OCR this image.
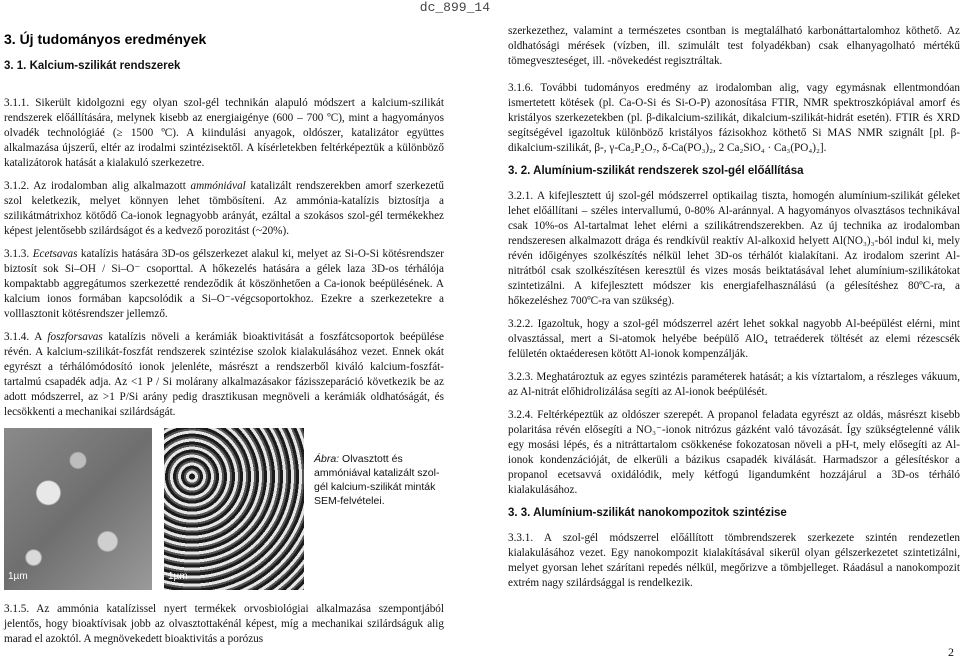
dc_899_14
3. Új tudományos eredmények
3. 1. Kalcium-szilikát rendszerek

3.1.1. Sikerült kidolgozni egy olyan szol-gél technikán alapuló módszert a kalcium-szilikát rendszerek előállítására, melynek kisebb az energiaigénye (600 – 700 ºC), mint a hagyományos olvadék technológiáé (≥ 1500 ºC). A kiindulási anyagok, oldószer, katalizátor együttes alkalmazása újszerű, eltér az irodalmi szintézisektől. A kísérletekben feltérképeztük a különböző katalizátorok hatását a kialakuló szerkezetre.

3.1.2. Az irodalomban alig alkalmazott ammóniával katalizált rendszerekben amorf szerkezetű szol keletkezik, melyet könnyen lehet tömbösíteni. Az ammónia-katalízis biztosítja a szilikátmátrixhoz kötődő Ca-ionok legnagyobb arányát, ezáltal a szokásos szol-gél termékekhez képest jelentősebb szilárdságot és a kedvező porozitást (~20%).

3.1.3. Ecetsavas katalízis hatására 3D-os gélszerkezet alakul ki, melyet az Si-O-Si kötésrendszer biztosít sok Si–OH / Si–O⁻ csoporttal. A hőkezelés hatására a gélek laza 3D-os térhálója kompaktabb aggregátumos szerkezetté rendeződik át köszönhetően a Ca-ionok beépülésének. A kalcium ionos formában kapcsolódik a Si–O⁻-végcsoportokhoz. Ezekre a szerkezetekre a volllasztonit kötésrendszer jellemző.

3.1.4. A foszforsavas katalízis növeli a kerámiák bioaktivitását a foszfátcsoportok beépülése révén. A kalcium-szilikát-foszfát rendszerek szintézise szolok kialakulásához vezet. Ennek okát egyrészt a térhálómódosító ionok jelenléte, másrészt a rendszerből kiváló kalcium-foszfát-tartalmú csapadék adja. Az <1 P / Si molárany alkalmazásakor fázisszeparáció következik be az adott módszerrel, az >1 P/Si arány pedig drasztikusan megnöveli a kerámiák oldhatóságát, és lecsökkenti a mechanikai szilárdságát.

1µm	1µm
Ábra: Olvasztott és ammóniával katalizált szol-gél kalcium-szilikát minták SEM-felvételei.

3.1.5. Az ammónia katalízissel nyert termékek orvosbiológiai alkalmazása szempontjából jelentős, hogy bioaktívisak jobb az olvasztottakénál képest, míg a mechanikai szilárdságuk alig marad el azoktól. A megnövekedett bioaktivitás a porózus

szerkezethez, valamint a természetes csontban is megtalálható karbonáttartalomhoz köthető. Az oldhatósági mérések (vízben, ill. szimulált test folyadékban) csak elhanyagolható mértékű tömegveszteséget, ill. -növekedést regisztráltak.

3.1.6. További tudományos eredmény az irodalomban alig, vagy egymásnak ellentmondóan ismertetett kötések (pl. Ca-O-Si és Si-O-P) azonosítása FTIR, NMR spektroszkópiával amorf és kristályos szerkezetekben (pl. β-dikalcium-szilikát, dikalcium-szilikát-hidrát esetén). FTIR és XRD segítségével igazoltuk különböző kristályos fázisokhoz köthető Si MAS NMR szignált [pl. β-dikalcium-szilikát, β-, γ-Ca₂P₂O₇, δ-Ca(PO₃)₂, 2 Ca₂SiO₄ · Ca₃(PO₄)₂].

3. 2. Alumínium-szilikát rendszerek szol-gél előállítása

3.2.1. A kifejlesztett új szol-gél módszerrel optikailag tiszta, homogén alumínium-szilikát géleket lehet előállítani – széles intervallumú, 0-80% Al-aránnyal. A hagyományos olvasztásos technikával csak 10%-os Al-tartalmat lehet elérni a szilikátrendszerekben. Az új technika az irodalomban rendszeresen alkalmazott drága és rendkívül reaktív Al-alkoxid helyett Al(NO₃)₃-ból indul ki, mely révén időigényes szolkészítés nélkül lehet 3D-os térhálót kialakítani. Az irodalom szerint Al-nitrátból csak szolkészítésen keresztül és vizes mosás beiktatásával lehet alumínium-szilikátokat szintetizálni. A kifejlesztett módszer kis energiafelhasználású (a gélesítéshez 80ºC-ra, a hőkezeléshez 700ºC-ra van szükség).

3.2.2. Igazoltuk, hogy a szol-gél módszerrel azért lehet sokkal nagyobb Al-beépülést elérni, mint olvasztással, mert a Si-atomok helyébe beépülő AlO₄ tetraéderek töltését az elemi rézescsék felületén oktaéderesen kötött Al-ionok kompenzálják.

3.2.3. Meghatároztuk az egyes szintézis paraméterek hatását; a kis víztartalom, a részleges vákuum, az Al-nitrát előhidrolizálása segíti az Al-ionok beépülését.

3.2.4. Feltérképeztük az oldószer szerepét. A propanol feladata egyrészt az oldás, másrészt kisebb polaritása révén elősegíti a NO₃⁻-ionok nitrózus gázként való távozását. Így szükségtelenné válik egy mosási lépés, és a nitráttartalom csökkenése fokozatosan növeli a pH-t, mely elősegíti az Al-ionok kondenzációját, de elkerüli a bázikus csapadék kiválását. Harmadszor a gélesítéskor a propanol ecetsavvá oxidálódik, mely kétfogú ligandumként hozzájárul a 3D-os térháló kialakulásához.

3. 3. Alumínium-szilikát nanokompozitok szintézise

3.3.1. A szol-gél módszerrel előállított tömbrendszerek szerkezete szintén rendezetlen kialakulásához vezet. Egy nanokompozit kialakításával sikerül olyan gélszerkezetet szintetizálni, melyet gyorsan lehet szárítani repedés nélkül, megőrizve a tömbjelleget. Ráadásul a nanokompozit extrém nagy szilárdsággal is rendelkezik.

2
